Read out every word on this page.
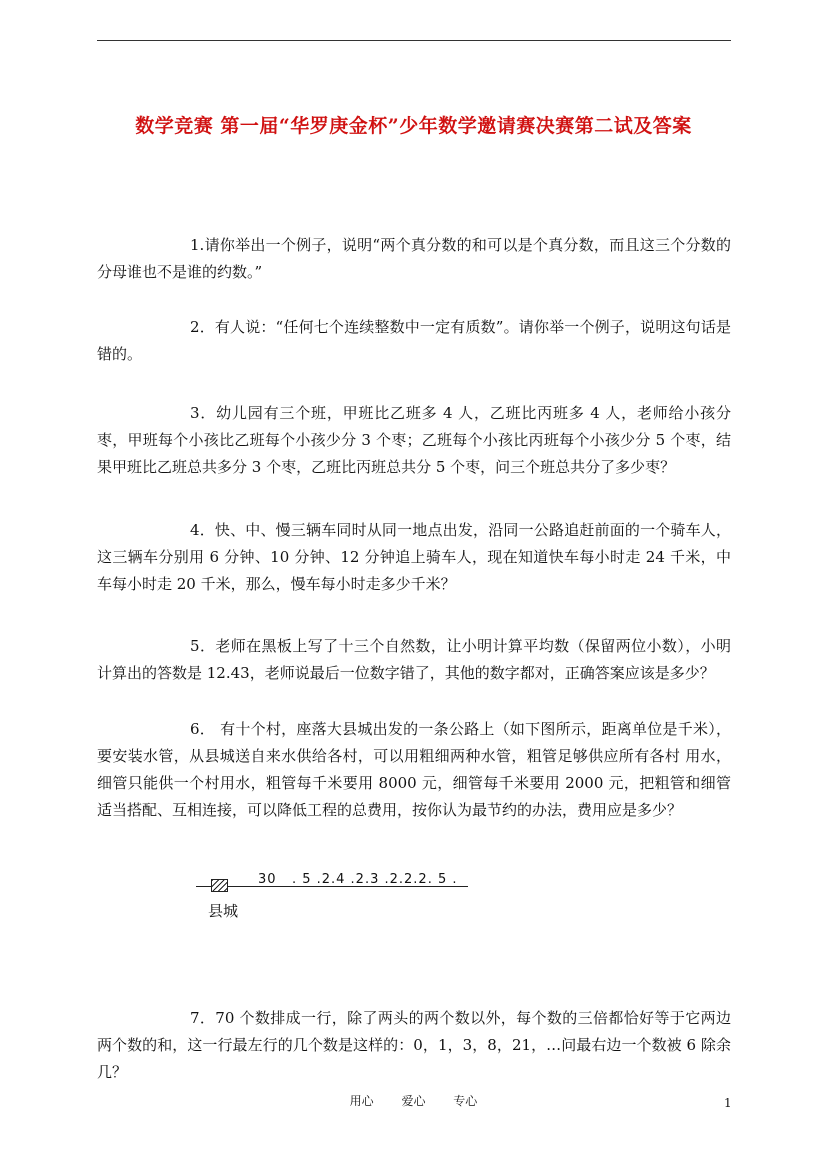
数学竞赛 第一届“华罗庚金杯”少年数学邀请赛决赛第二试及答案

1.请你举出一个例子，说明“两个真分数的和可以是个真分数，而且这三个分数的分母谁也不是谁的约数。”

2．有人说：“任何七个连续整数中一定有质数”。请你举一个例子，说明这句话是错的。

3．幼儿园有三个班，甲班比乙班多 4 人，乙班比丙班多 4 人，老师给小孩分枣，甲班每个小孩比乙班每个小孩少分 3 个枣；乙班每个小孩比丙班每个小孩少分 5 个枣，结果甲班比乙班总共多分 3 个枣，乙班比丙班总共分 5 个枣，问三个班总共分了多少枣？

4．快、中、慢三辆车同时从同一地点出发，沿同一公路追赶前面的一个骑车人，这三辆车分别用 6 分钟、10 分钟、12 分钟追上骑车人，现在知道快车每小时走 24 千米，中车每小时走 20 千米，那么，慢车每小时走多少千米？

5．老师在黑板上写了十三个自然数，让小明计算平均数（保留两位小数），小明计算出的答数是 12.43，老师说最后一位数字错了，其他的数字都对，正确答案应该是多少？

6． 有十个村，座落大县城出发的一条公路上（如下图所示，距离单位是千米），要安装水管，从县城送自来水供给各村，可以用粗细两种水管，粗管足够供应所有各村 用水，细管只能供一个村用水，粗管每千米要用 8000 元，细管每千米要用 2000 元，把粗管和细管适当搭配、互相连接，可以降低工程的总费用，按你认为最节约的办法，费用应是多少？

30   . 5 .2.4 .2.3 .2.2.2. 5 .
县城

7．70 个数排成一行，除了两头的两个数以外，每个数的三倍都恰好等于它两边两个数的和，这一行最左行的几个数是这样的：0，1，3，8，21，…问最右边一个数被 6 除余几？

用心 爱心 专心	1
